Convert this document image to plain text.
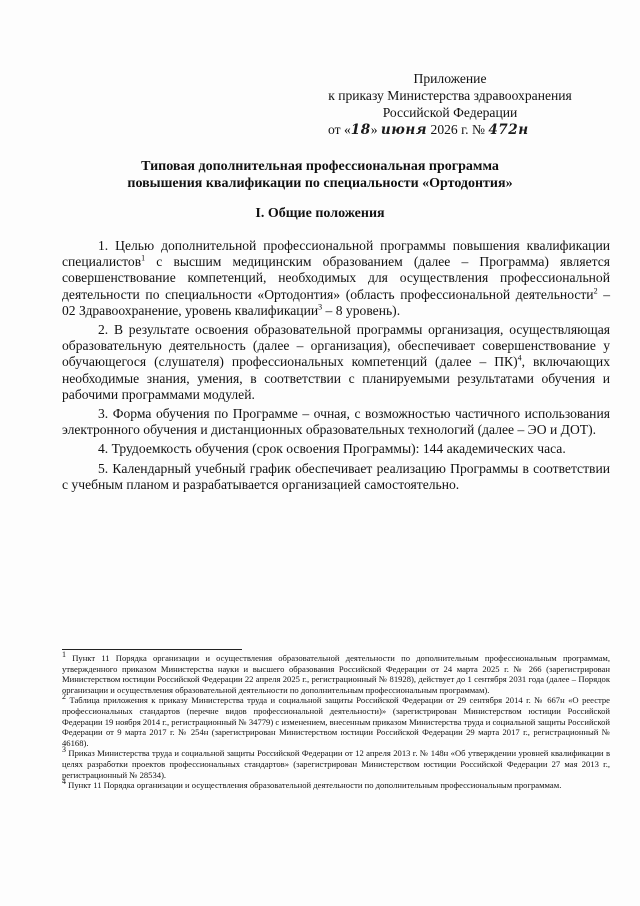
Приложение
к приказу Министерства здравоохранения
Российской Федерации
от «18» июня 2026 г. № 472н
Типовая дополнительная профессиональная программа
повышения квалификации по специальности «Ортодонтия»
I. Общие положения

1. Целью дополнительной профессиональной программы повышения квалификации специалистов$^1$ с высшим медицинским образованием (далее – Программа) является совершенствование компетенций, необходимых для осуществления профессиональной деятельности по специальности «Ортодонтия» (область профессиональной деятельности$^2$ – 02 Здравоохранение, уровень квалификации$^3$ – 8 уровень).

2. В результате освоения образовательной программы организация, осуществляющая образовательную деятельность (далее – организация), обеспечивает совершенствование у обучающегося (слушателя) профессиональных компетенций (далее – ПК)$^4$, включающих необходимые знания, умения, в соответствии с планируемыми результатами обучения и рабочими программами модулей.

3. Форма обучения по Программе – очная, с возможностью частичного использования электронного обучения и дистанционных образовательных технологий (далее – ЭО и ДОТ).

4. Трудоемкость обучения (срок освоения Программы): 144 академических часа.

5. Календарный учебный график обеспечивает реализацию Программы в соответствии с учебным планом и разрабатывается организацией самостоятельно.

$^1$ Пункт 11 Порядка организации и осуществления образовательной деятельности по дополнительным профессиональным программам, утвержденного приказом Министерства науки и высшего образования Российской Федерации от 24 марта 2025 г. № 266 (зарегистрирован Министерством юстиции Российской Федерации 22 апреля 2025 г., регистрационный № 81928), действует до 1 сентября 2031 года (далее – Порядок организации и осуществления образовательной деятельности по дополнительным профессиональным программам).

$^2$ Таблица приложения к приказу Министерства труда и социальной защиты Российской Федерации от 29 сентября 2014 г. № 667н «О реестре профессиональных стандартов (перечне видов профессиональной деятельности)» (зарегистрирован Министерством юстиции Российской Федерации 19 ноября 2014 г., регистрационный № 34779) с изменением, внесенным приказом Министерства труда и социальной защиты Российской Федерации от 9 марта 2017 г. № 254н (зарегистрирован Министерством юстиции Российской Федерации 29 марта 2017 г., регистрационный № 46168).

$^3$ Приказ Министерства труда и социальной защиты Российской Федерации от 12 апреля 2013 г. № 148н «Об утверждении уровней квалификации в целях разработки проектов профессиональных стандартов» (зарегистрирован Министерством юстиции Российской Федерации 27 мая 2013 г., регистрационный № 28534).

$^4$ Пункт 11 Порядка организации и осуществления образовательной деятельности по дополнительным профессиональным программам.
